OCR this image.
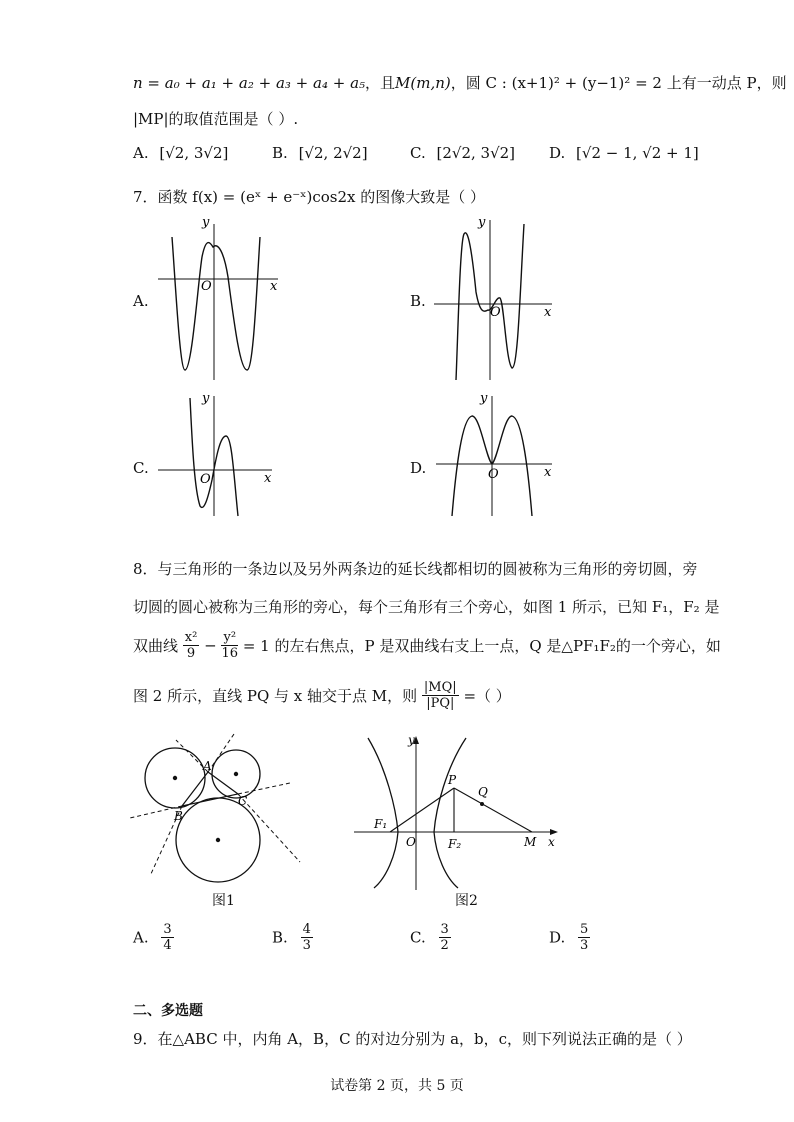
n = a₀ + a₁ + a₂ + a₃ + a₄ + a₅，且M(m,n)，圆 C : (x+1)² + (y−1)² = 2 上有一动点 P，则
|MP|的取值范围是（ ）.
A. [√2, 3√2]	B. [√2, 2√2]	C. [2√2, 3√2] D. [√2 − 1, √2 + 1]
7．函数 f(x) = (eˣ + e⁻ˣ)cos2x 的图像大致是（ ）
A.
x
y
O
B.
x
y
O
C.
x
y
O
D.	x
y
O
8．与三角形的一条边以及另外两条边的延长线都相切的圆被称为三角形的旁切圆，旁
切圆的圆心被称为三角形的旁心，每个三角形有三个旁心，如图 1 所示，已知 F₁，F₂ 是
双曲线 $\frac{\text{x²}}{9} - \frac{\text{y²}}{16} = 1$ 的左右焦点，P 是双曲线右支上一点，Q 是△PF₁F₂的一个旁心，如
图 2 所示，直线 PQ 与 x 轴交于点 M，则 $\frac{|MQ|}{|PQ|}$ =（ ）
A
B
C
图1
y
x
P
Q
F₁
F₂
O	M
图2
A. $\frac{3}{4}$	B. $\frac{4}{3}$	C. $\frac{3}{2}$	D. $\frac{5}{3}$
二、多选题
9．在△ABC 中，内角 A，B，C 的对边分别为 a，b，c，则下列说法正确的是（ ）
试卷第 2 页，共 5 页
